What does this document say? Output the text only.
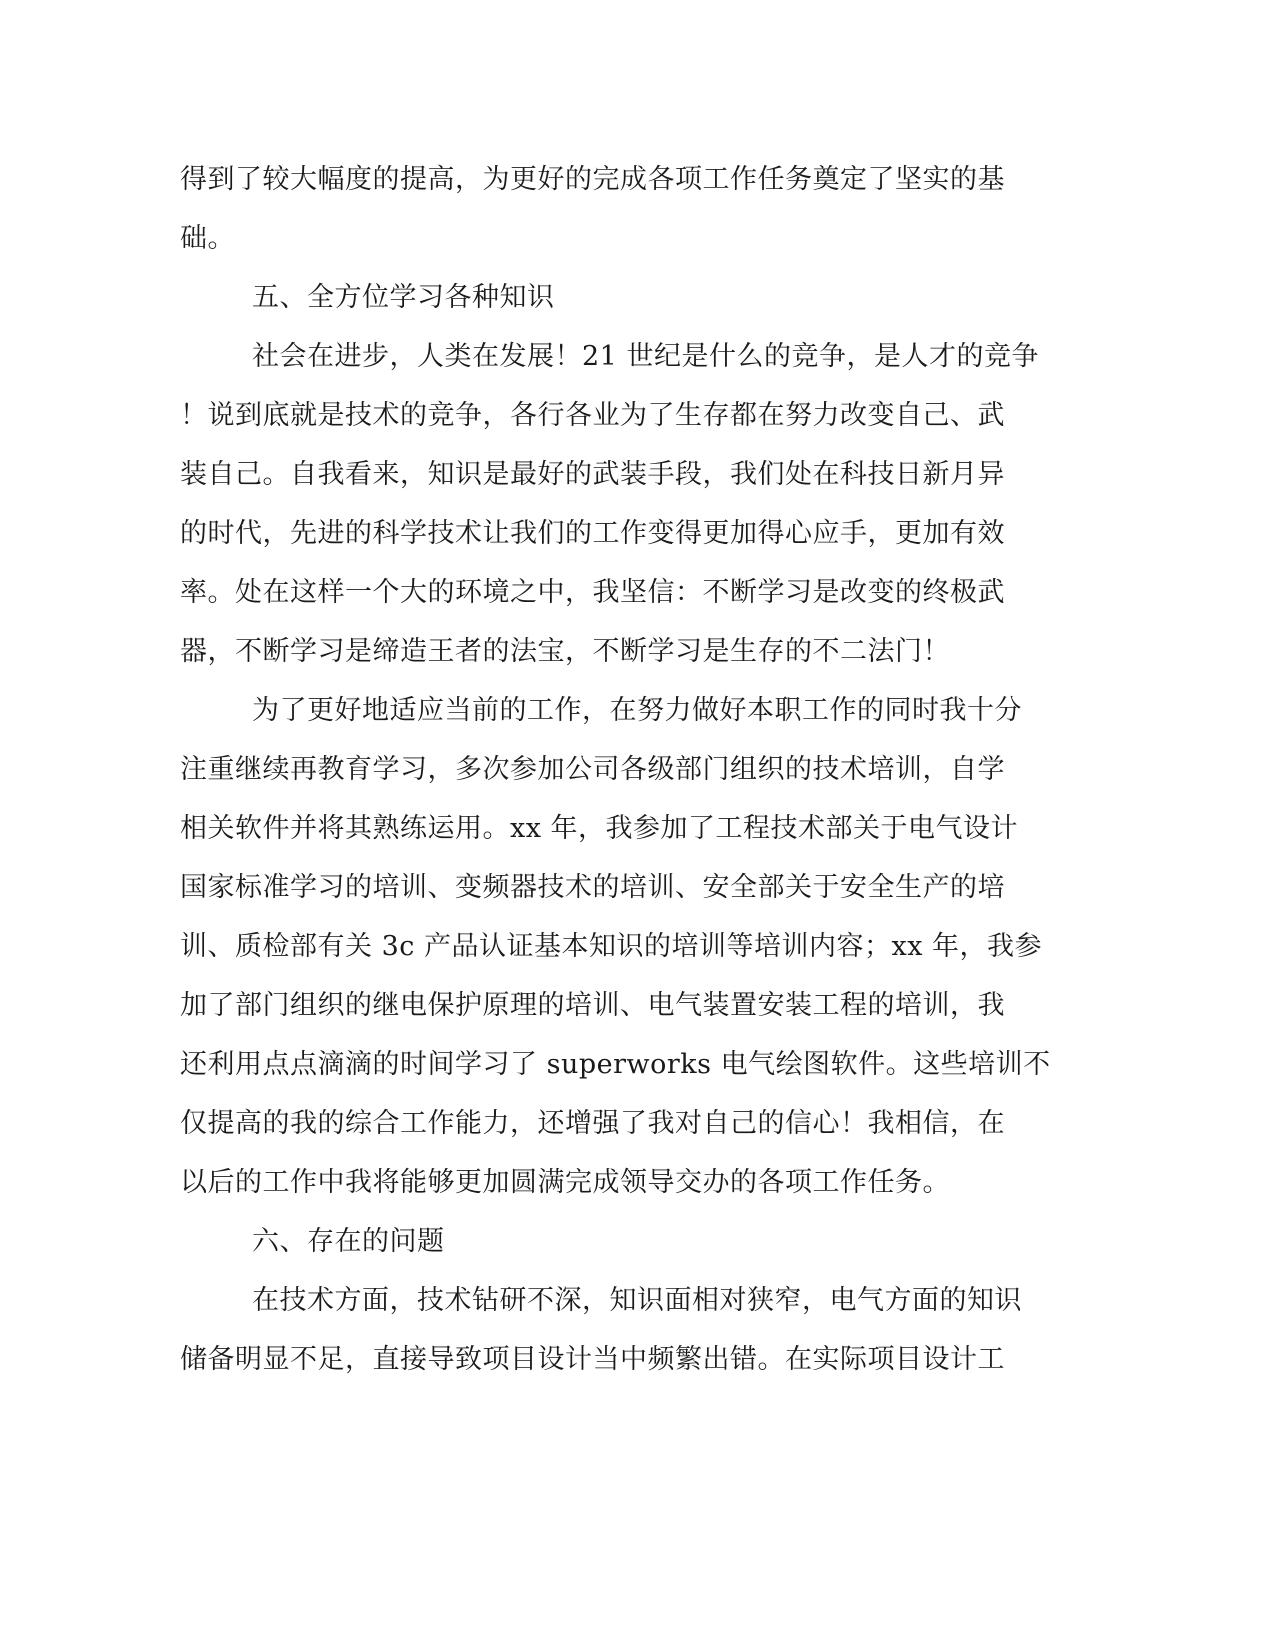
得到了较大幅度的提高，为更好的完成各项工作任务奠定了坚实的基
础。
五、全方位学习各种知识
社会在进步，人类在发展！21 世纪是什么的竞争，是人才的竞争
！说到底就是技术的竞争，各行各业为了生存都在努力改变自己、武
装自己。自我看来，知识是最好的武装手段，我们处在科技日新月异
的时代，先进的科学技术让我们的工作变得更加得心应手，更加有效
率。处在这样一个大的环境之中，我坚信：不断学习是改变的终极武
器，不断学习是缔造王者的法宝，不断学习是生存的不二法门！
为了更好地适应当前的工作，在努力做好本职工作的同时我十分
注重继续再教育学习，多次参加公司各级部门组织的技术培训，自学
相关软件并将其熟练运用。xx 年，我参加了工程技术部关于电气设计
国家标准学习的培训、变频器技术的培训、安全部关于安全生产的培
训、质检部有关 3c 产品认证基本知识的培训等培训内容；xx 年，我参
加了部门组织的继电保护原理的培训、电气装置安装工程的培训，我
还利用点点滴滴的时间学习了 superworks 电气绘图软件。这些培训不
仅提高的我的综合工作能力，还增强了我对自己的信心！我相信，在
以后的工作中我将能够更加圆满完成领导交办的各项工作任务。
六、存在的问题
在技术方面，技术钻研不深，知识面相对狭窄，电气方面的知识
储备明显不足，直接导致项目设计当中频繁出错。在实际项目设计工
